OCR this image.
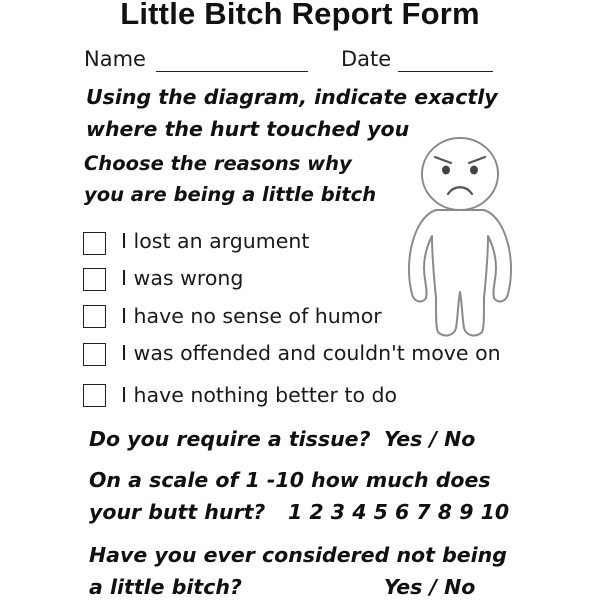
Little Bitch Report Form
Name	Date
Using the diagram, indicate exactly
where the hurt touched you
Choose the reasons why
you are being a little bitch
I lost an argument
I was wrong
I have no sense of humor
I was offended and couldn't move on
I have nothing better to do
Do you require a tissue? Yes / No
On a scale of 1 -10 how much does
your butt hurt? 1 2 3 4 5 6 7 8 9 10
Have you ever considered not being
a little bitch?	Yes / No
